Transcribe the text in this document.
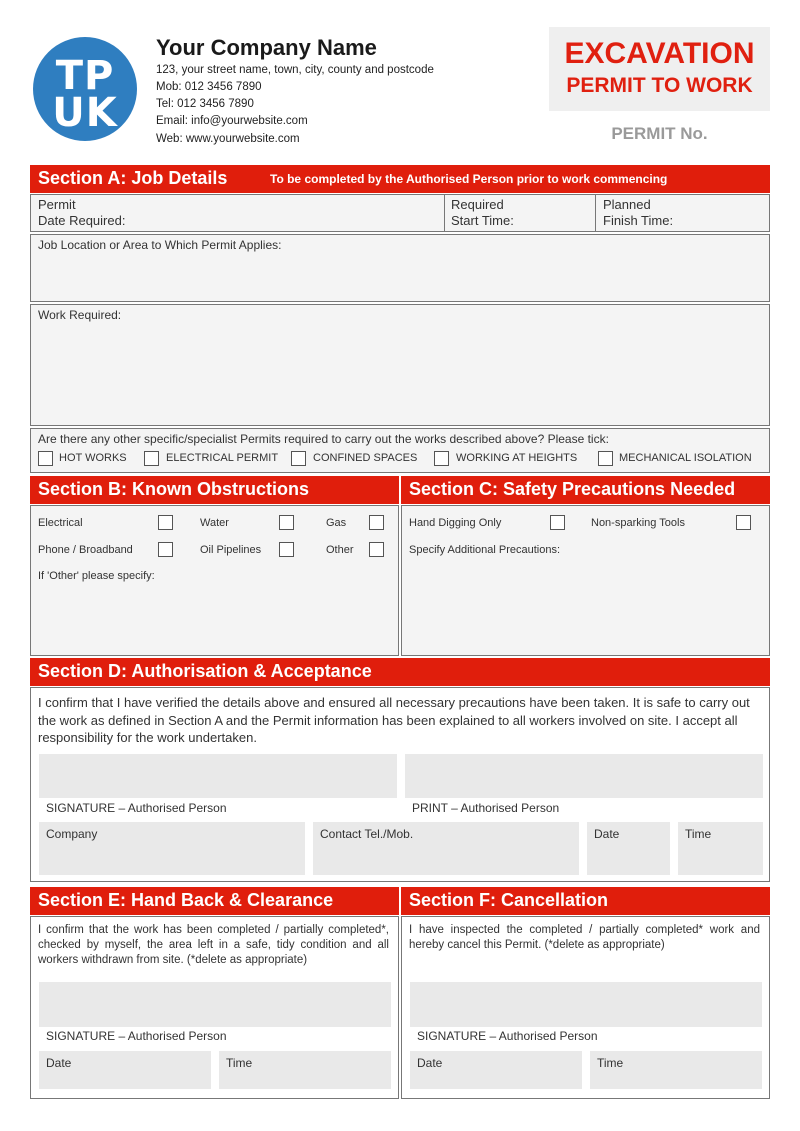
TP
UK
Your Company Name
123, your street name, town, city, county and postcode
Mob: 012 3456 7890
Tel: 012 3456 7890
Email: info@yourwebsite.com
Web: www.yourwebsite.com
EXCAVATION
PERMIT TO WORK
PERMIT No.
Section A: Job Details	To be completed by the Authorised Person prior to work commencing
Permit
Date Required:
Required
Start Time:
Planned
Finish Time:
Job Location or Area to Which Permit Applies:
Work Required:
Are there any other specific/specialist Permits required to carry out the works described above? Please tick:
HOT WORKS	ELECTRICAL PERMIT	CONFINED SPACES	WORKING AT HEIGHTS	MECHANICAL ISOLATION
Section B: Known Obstructions
Electrical	Water	Gas
Phone / Broadband	Oil Pipelines	Other
If 'Other' please specify:
Section C: Safety Precautions Needed
Hand Digging Only	Non-sparking Tools
Specify Additional Precautions:
Section D: Authorisation & Acceptance
I confirm that I have verified the details above and ensured all necessary precautions have been taken. It is safe to carry out the work as defined in Section A and the Permit information has been explained to all workers involved on site. I accept all responsibility for the work undertaken.
SIGNATURE – Authorised Person	PRINT – Authorised Person
Company	Contact Tel./Mob.	Date	Time
Section E: Hand Back & Clearance
I confirm that the work has been completed / partially completed*, checked by myself, the area left in a safe, tidy condition and all workers withdrawn from site. (*delete as appropriate)
SIGNATURE – Authorised Person
Date	Time
Section F: Cancellation
I have inspected the completed / partially completed* work and hereby cancel this Permit. (*delete as appropriate)
SIGNATURE – Authorised Person
Date	Time
